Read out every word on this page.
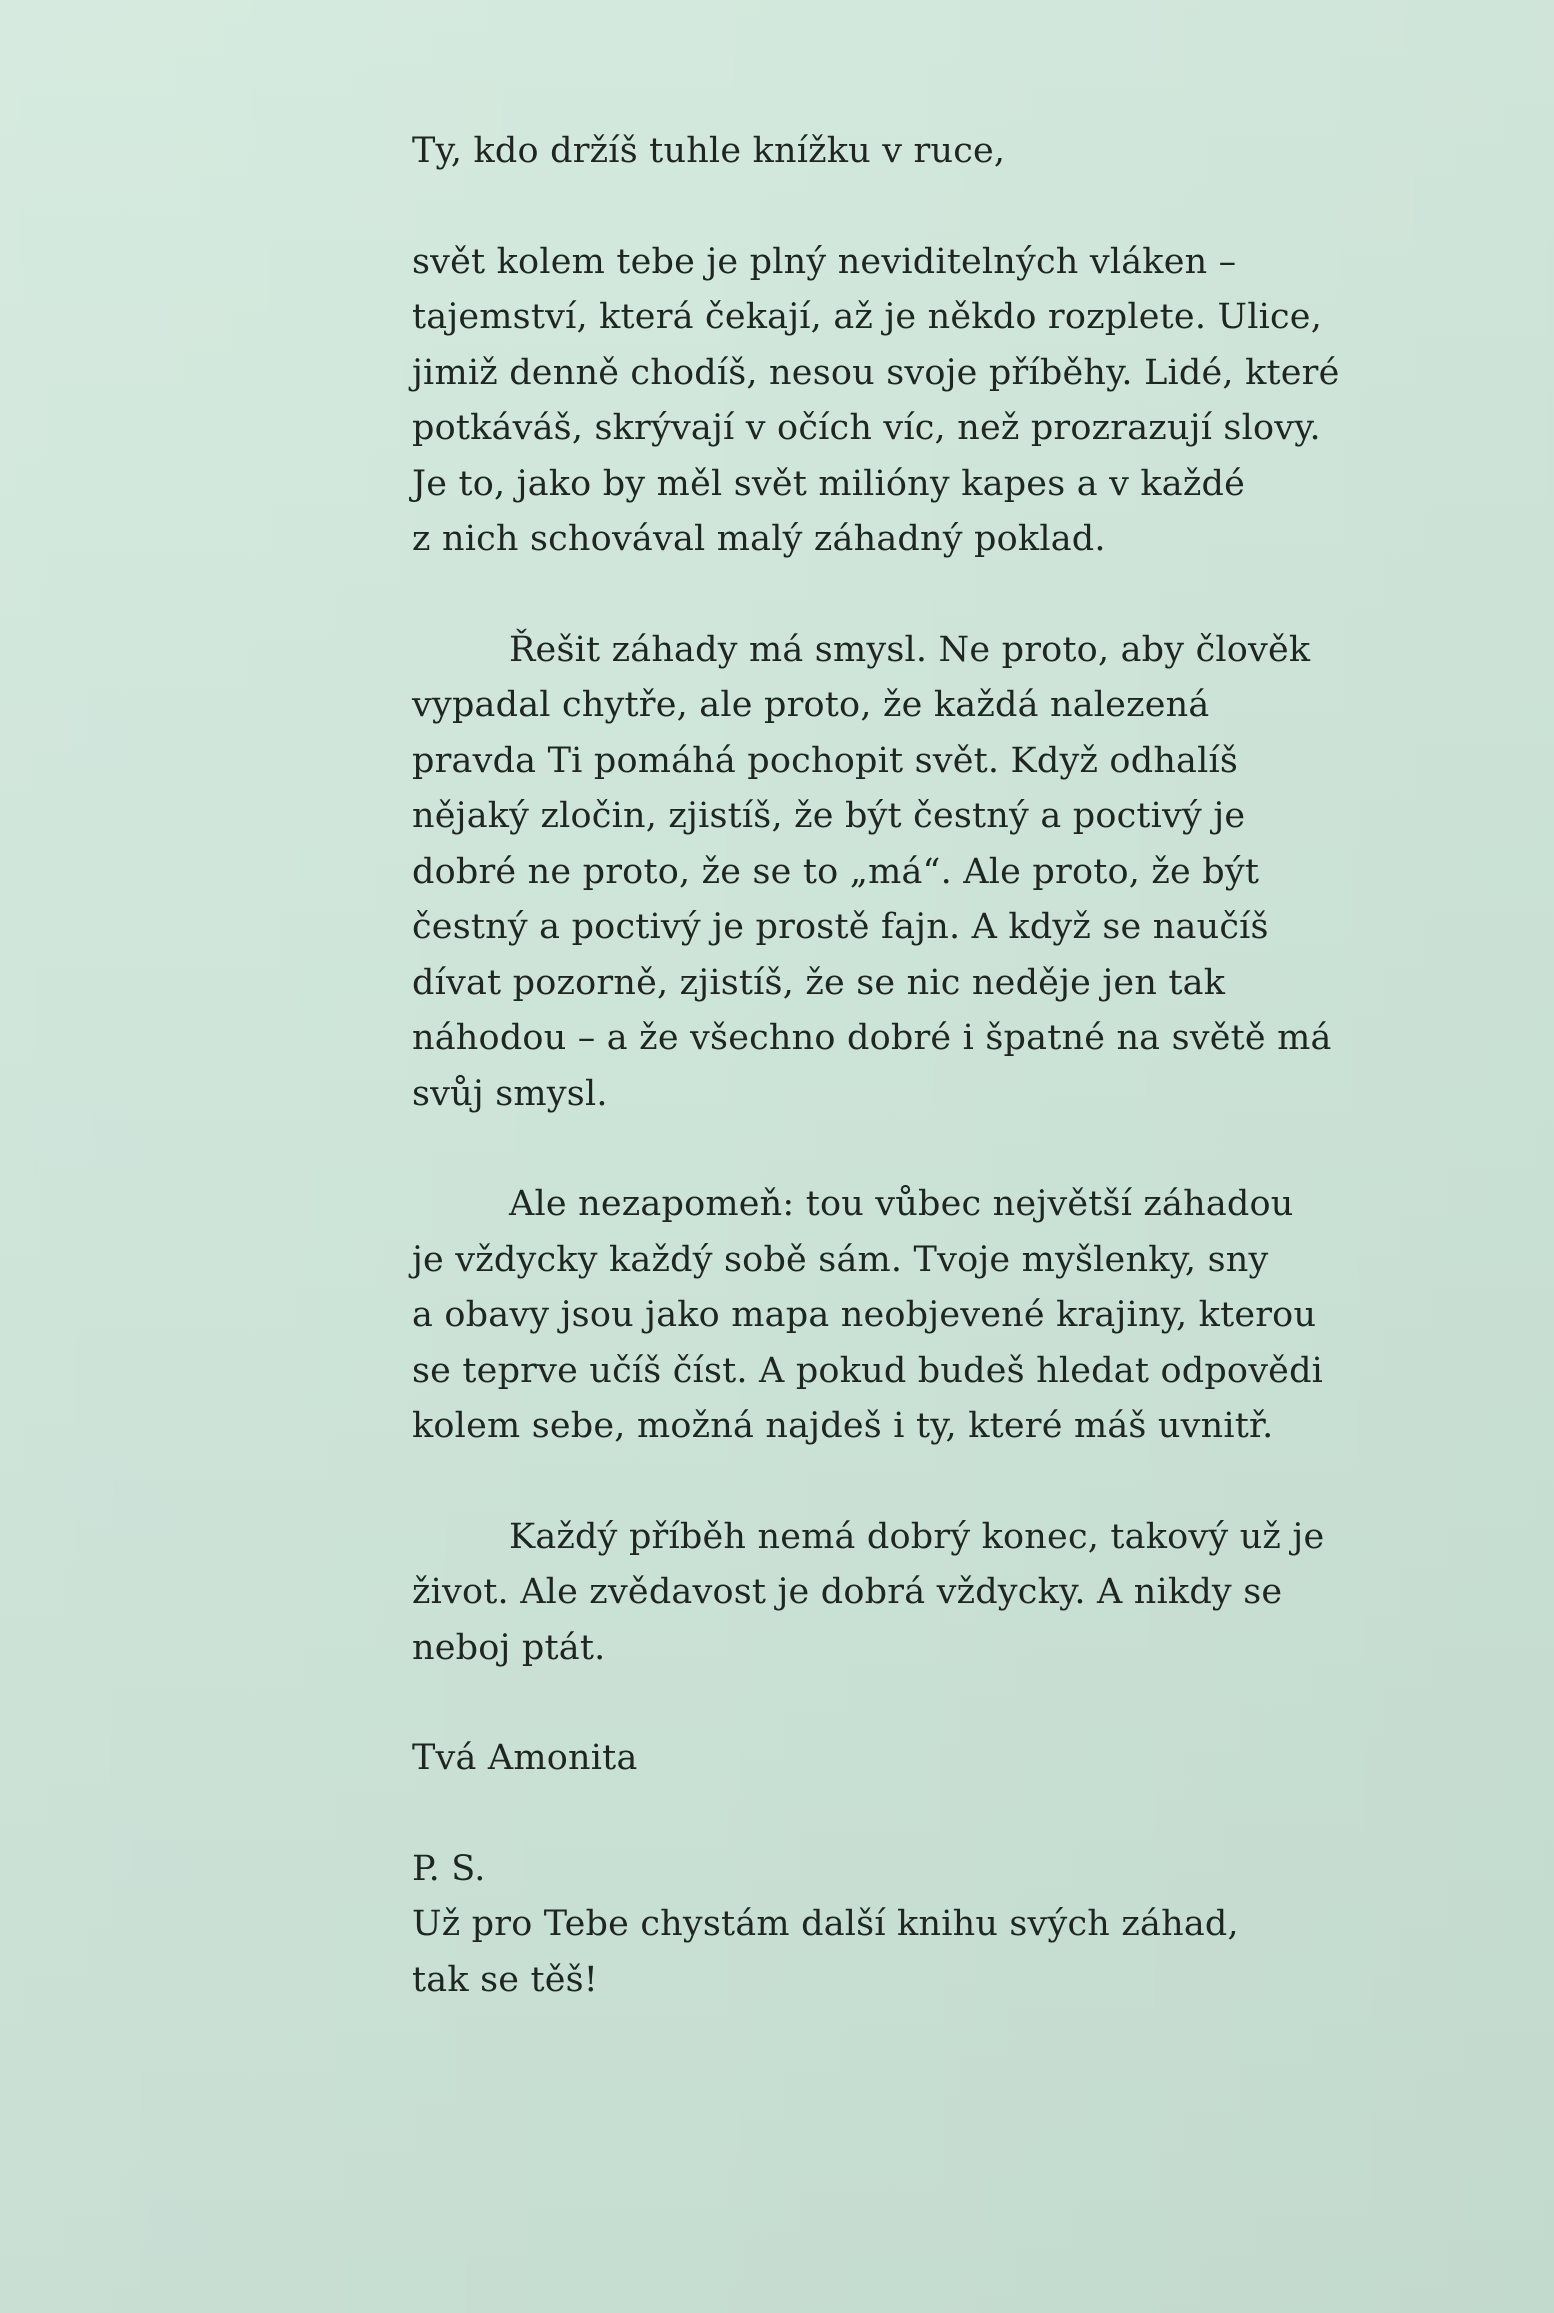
Ty, kdo držíš tuhle knížku v ruce,
svět kolem tebe je plný neviditelných vláken –
tajemství, která čekají, až je někdo rozplete. Ulice,
jimiž denně chodíš, nesou svoje příběhy. Lidé, které
potkáváš, skrývají v očích víc, než prozrazují slovy.
Je to, jako by měl svět milióny kapes a v každé
z nich schovával malý záhadný poklad.
Řešit záhady má smysl. Ne proto, aby člověk
vypadal chytře, ale proto, že každá nalezená
pravda Ti pomáhá pochopit svět. Když odhalíš
nějaký zločin, zjistíš, že být čestný a poctivý je
dobré ne proto, že se to „má“. Ale proto, že být
čestný a poctivý je prostě fajn. A když se naučíš
dívat pozorně, zjistíš, že se nic neděje jen tak
náhodou – a že všechno dobré i špatné na světě má
svůj smysl.
Ale nezapomeň: tou vůbec největší záhadou
je vždycky každý sobě sám. Tvoje myšlenky, sny
a obavy jsou jako mapa neobjevené krajiny, kterou
se teprve učíš číst. A pokud budeš hledat odpovědi
kolem sebe, možná najdeš i ty, které máš uvnitř.
Každý příběh nemá dobrý konec, takový už je
život. Ale zvědavost je dobrá vždycky. A nikdy se
neboj ptát.
Tvá Amonita
P. S.
Už pro Tebe chystám další knihu svých záhad,
tak se těš!
